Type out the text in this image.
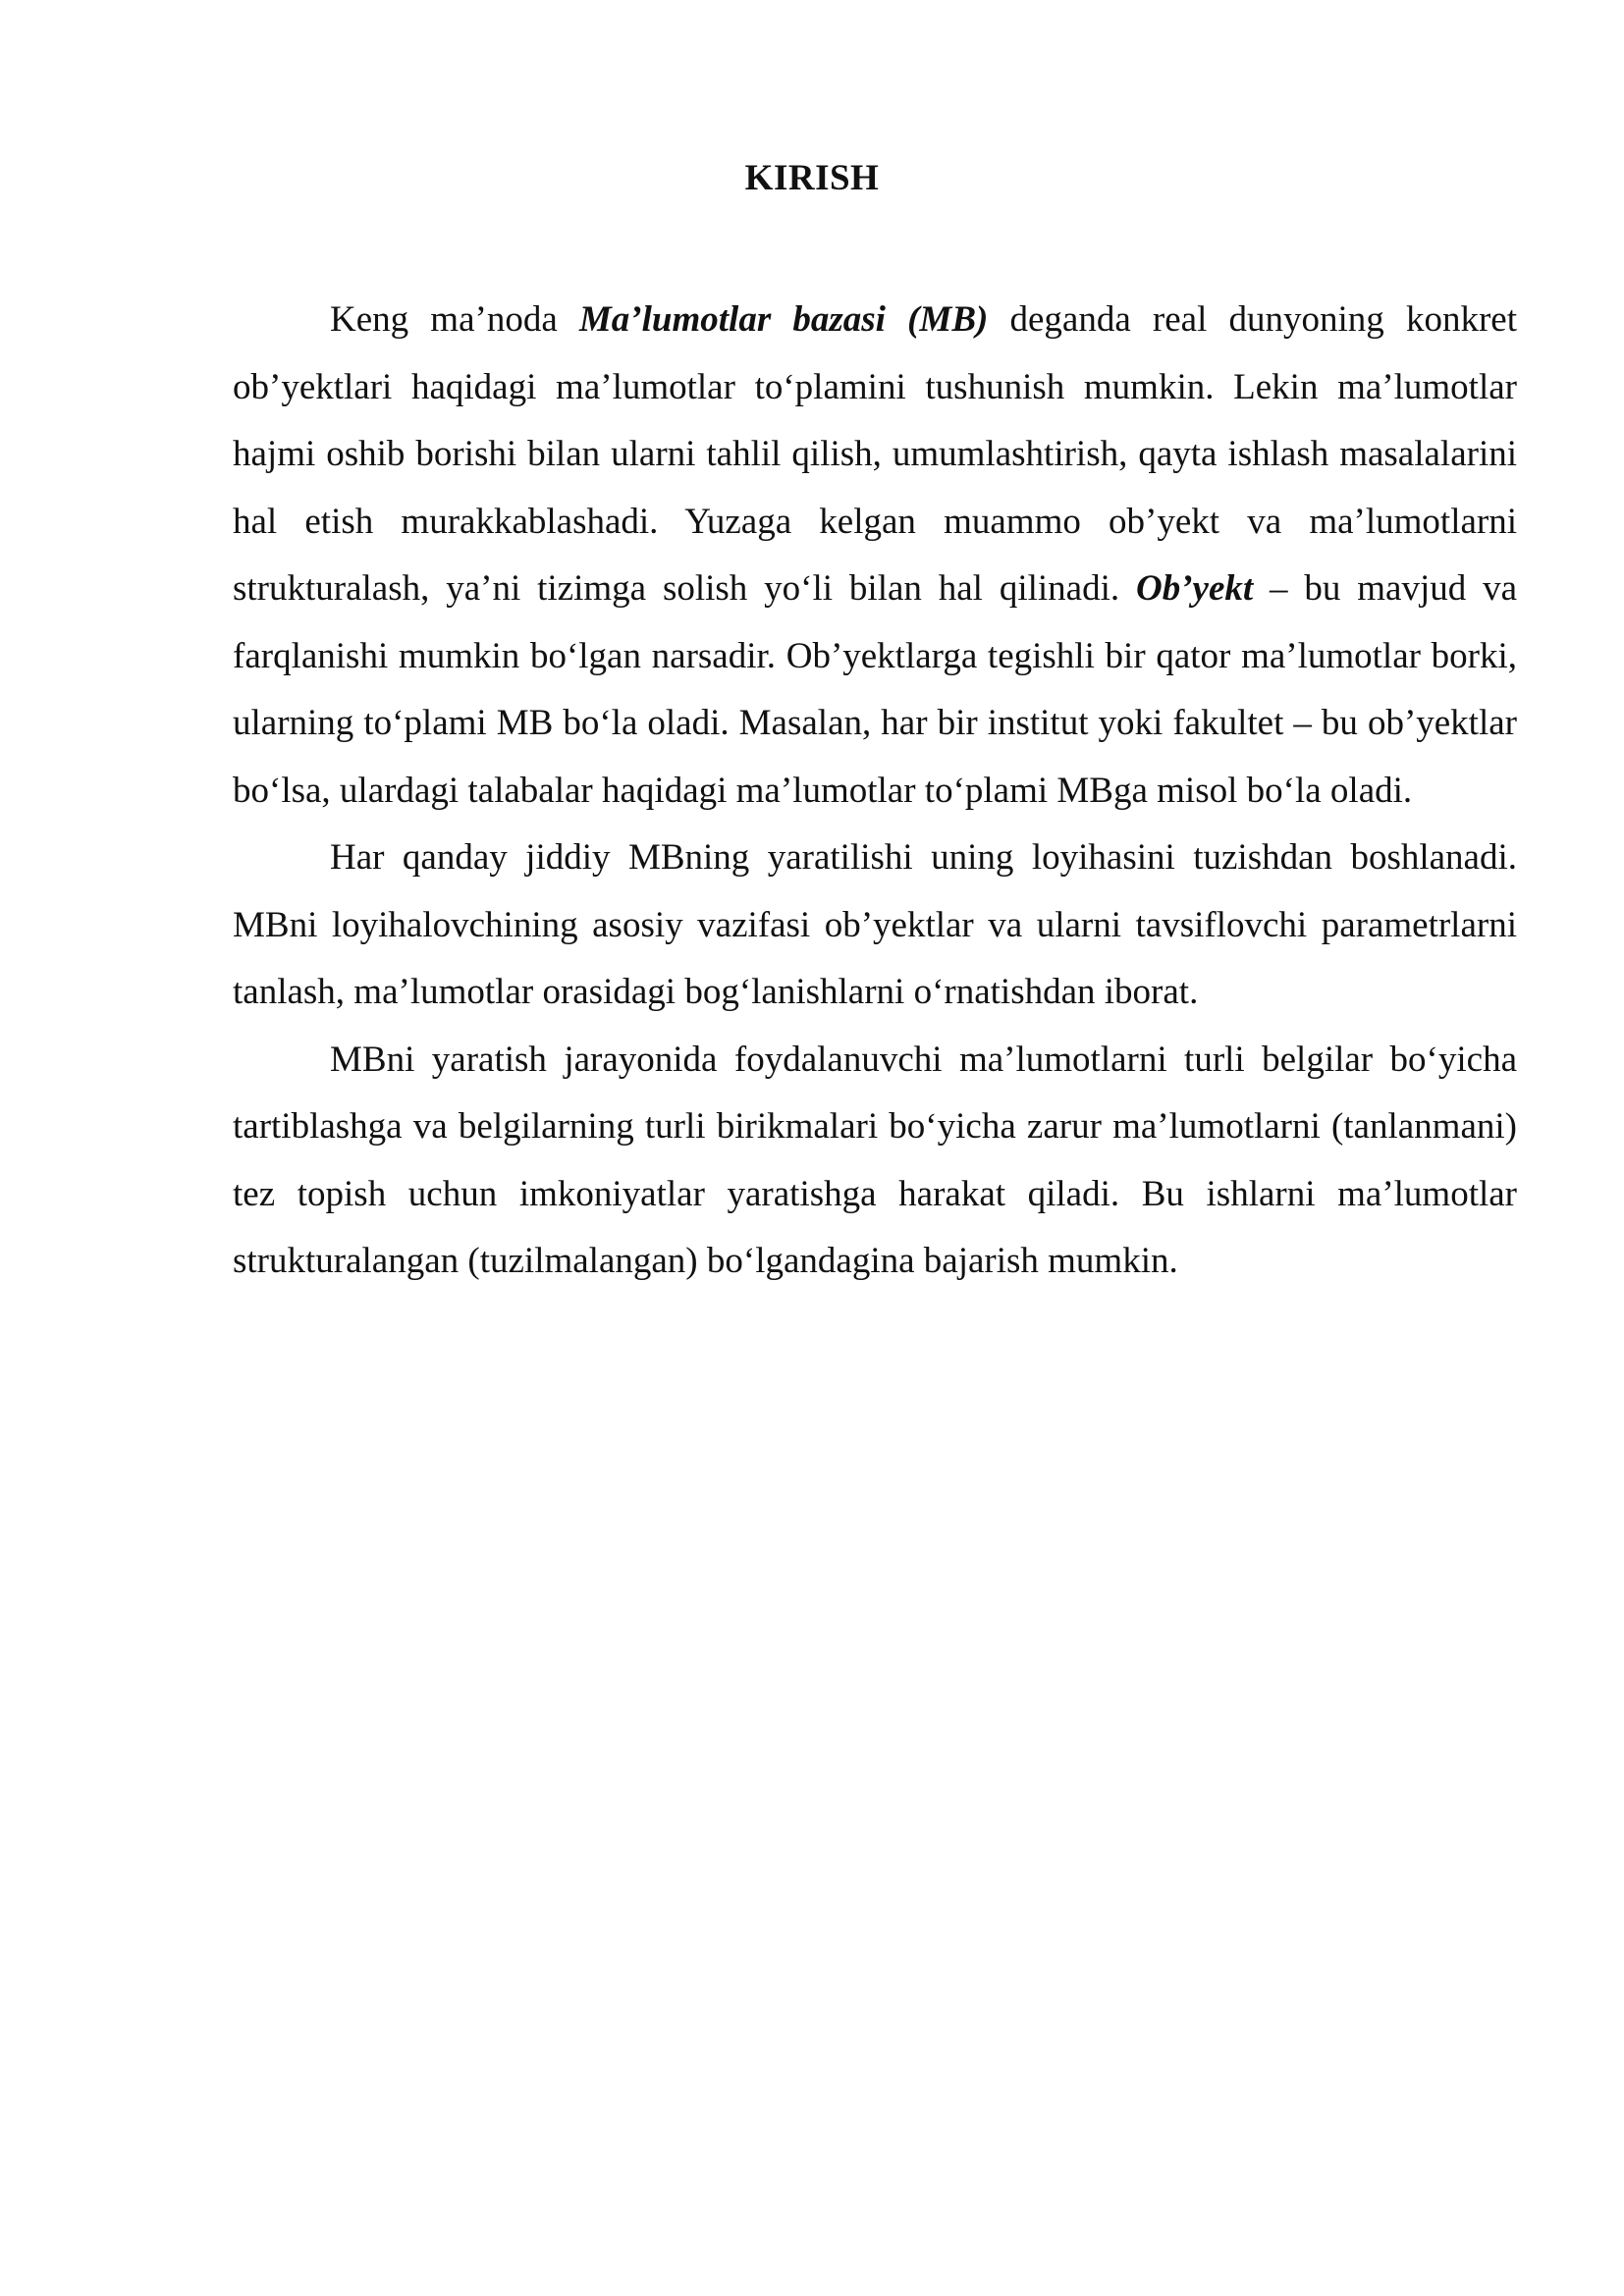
KIRISH

Keng ma’noda Ma’lumotlar bazasi (MB) deganda real dunyoning konkret ob’yektlari haqidagi ma’lumotlar to‘plamini tushunish mumkin. Lekin ma’lumotlar hajmi oshib borishi bilan ularni tahlil qilish, umumlashtirish, qayta ishlash masalalarini hal etish murakkablashadi. Yuzaga kelgan muammo ob’yekt va ma’lumotlarni strukturalash, ya’ni tizimga solish yo‘li bilan hal qilinadi. Ob’yekt – bu mavjud va farqlanishi mumkin bo‘lgan narsadir. Ob’yektlarga tegishli bir qator ma’lumotlar borki, ularning to‘plami MB bo‘la oladi. Masalan, har bir institut yoki fakultet – bu ob’yektlar bo‘lsa, ulardagi talabalar haqidagi ma’lumotlar to‘plami MBga misol bo‘la oladi.

Har qanday jiddiy MBning yaratilishi uning loyihasini tuzishdan boshlanadi. MBni loyihalovchining asosiy vazifasi ob’yektlar va ularni tavsiflovchi parametrlarni tanlash, ma’lumotlar orasidagi bog‘lanishlarni o‘rnatishdan iborat.

MBni yaratish jarayonida foydalanuvchi ma’lumotlarni turli belgilar bo‘yicha tartiblashga va belgilarning turli birikmalari bo‘yicha zarur ma’lumotlarni (tanlanmani) tez topish uchun imkoniyatlar yaratishga harakat qiladi. Bu ishlarni ma’lumotlar strukturalangan (tuzilmalangan) bo‘lgandagina bajarish mumkin.
